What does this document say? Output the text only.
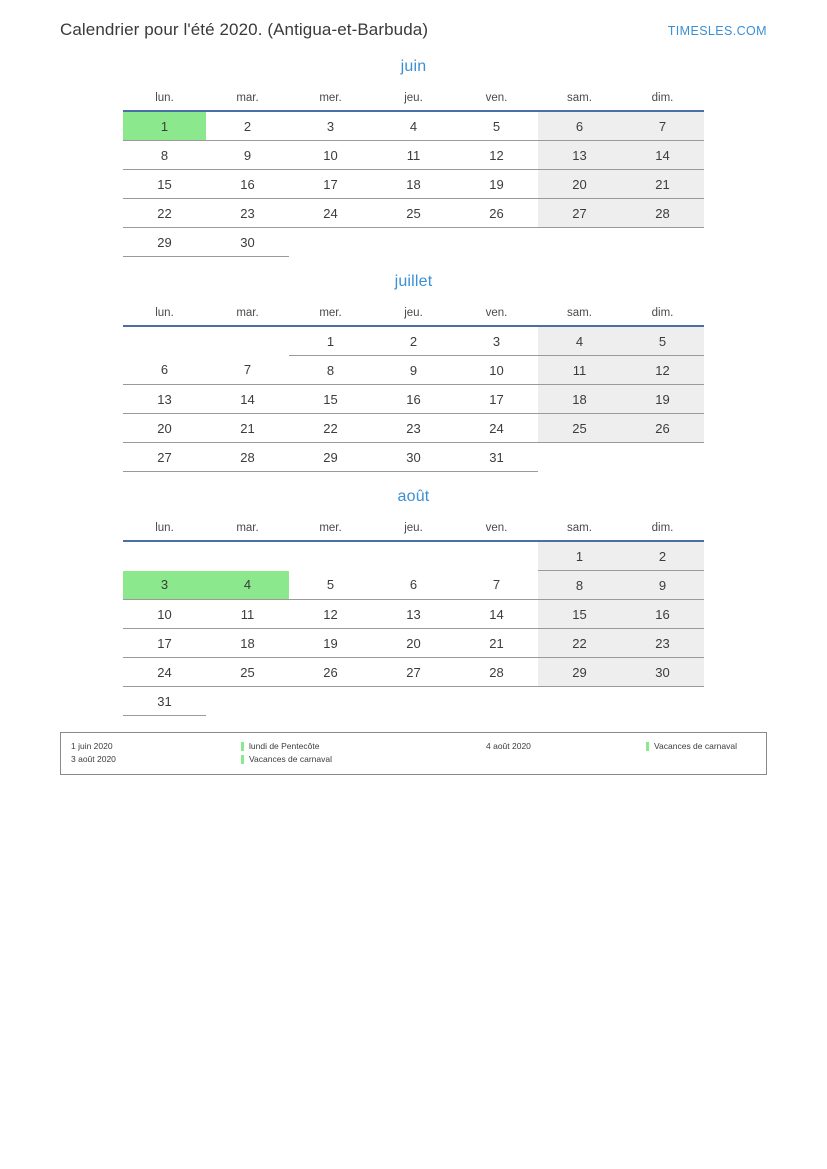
Calendrier pour l'été 2020. (Antigua-et-Barbuda)	TIMESLES.COM
juin
lun.	mar.	mer.	jeu.	ven.	sam.	dim.
1	2	3	4	5	6	7
8	9	10	11	12	13	14
15	16	17	18	19	20	21
22	23	24	25	26	27	28
29	30					
juillet
lun.	mar.	mer.	jeu.	ven.	sam.	dim.
		1	2	3	4	5
6	7	8	9	10	11	12
13	14	15	16	17	18	19
20	21	22	23	24	25	26
27	28	29	30	31		
août
lun.	mar.	mer.	jeu.	ven.	sam.	dim.
					1	2
3	4	5	6	7	8	9
10	11	12	13	14	15	16
17	18	19	20	21	22	23
24	25	26	27	28	29	30
31						
1 juin 2020	lundi de Pentecôte	4 août 2020	Vacances de carnaval
3 août 2020	Vacances de carnaval
